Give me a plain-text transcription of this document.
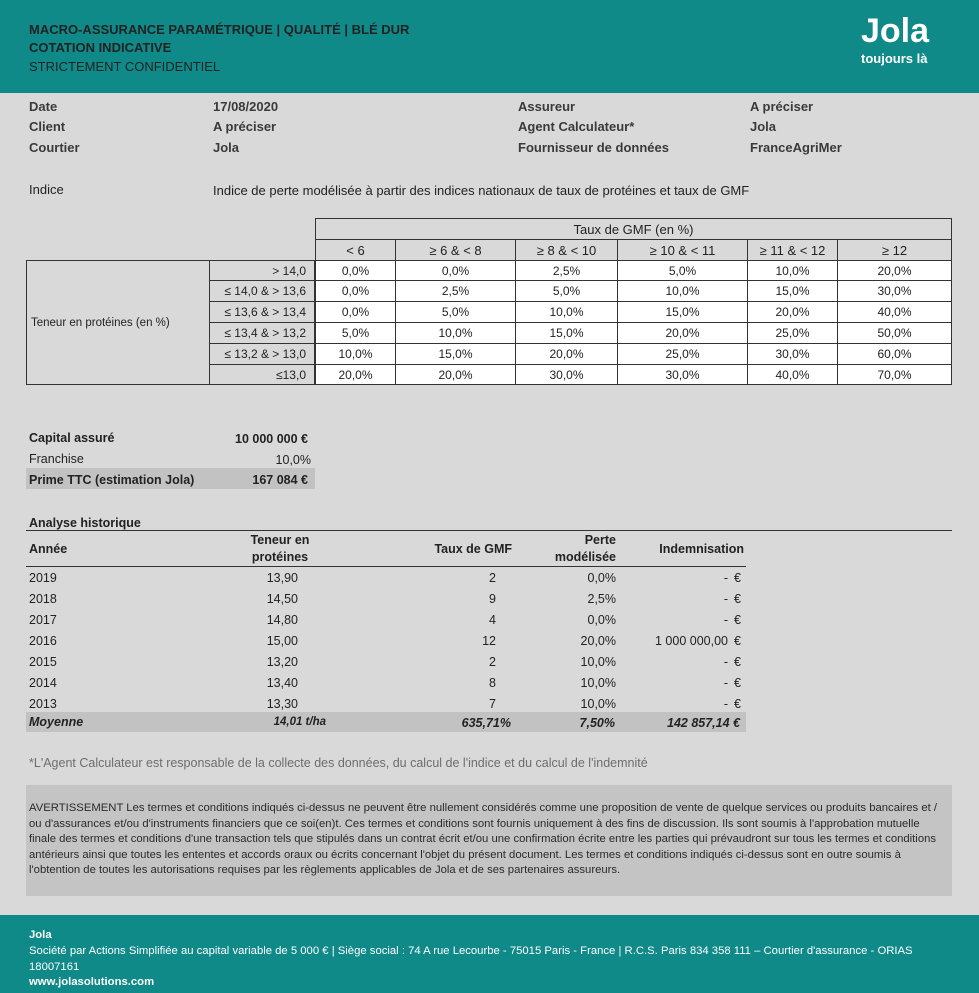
MACRO-ASSURANCE PARAMÉTRIQUE | QUALITÉ | BLÉ DUR
COTATION INDICATIVE
STRICTEMENT CONFIDENTIEL
Jola
toujours là
Date	17/08/2020
Client	A préciser
Courtier	Jola
Assureur	A préciser
Agent Calculateur*	Jola
Fournisseur de données	FranceAgriMer
Indice	Indice de perte modélisée à partir des indices nationaux de taux de protéines et taux de GMF
Taux de GMF (en %)
< 6	≥ 6 & < 8	≥ 8 & < 10	≥ 10 & < 11	≥ 11 & < 12	≥ 12
Teneur en protéines (en %)
> 14,0	0,0%	0,0%	2,5%	5,0%	10,0%	20,0%
≤ 14,0 & > 13,6	0,0%	2,5%	5,0%	10,0%	15,0%	30,0%
≤ 13,6 & > 13,4	0,0%	5,0%	10,0%	15,0%	20,0%	40,0%
≤ 13,4 & > 13,2	5,0%	10,0%	15,0%	20,0%	25,0%	50,0%
≤ 13,2 & > 13,0	10,0%	15,0%	20,0%	25,0%	30,0%	60,0%
≤13,0	20,0%	20,0%	30,0%	30,0%	40,0%	70,0%
Capital assuré	10 000 000 €
Franchise	10,0%
Prime TTC (estimation Jola)	167 084 €
Analyse historique
Année
Teneur en
protéines
Taux de GMF
Perte
modélisée
Indemnisation
2019	13,90	2	0,0%	- €
2018	14,50	9	2,5%	- €
2017	14,80	4	0,0%	- €
2016	15,00	12	20,0%	1 000 000,00 €
2015	13,20	2	10,0%	- €
2014	13,40	8	10,0%	- €
2013	13,30	7	10,0%	- €
Moyenne	14,01 t/ha	635,71%	7,50%	142 857,14 €
*L'Agent Calculateur est responsable de la collecte des données, du calcul de l'indice et du calcul de l'indemnité
AVERTISSEMENT Les termes et conditions indiqués ci-dessus ne peuvent être nullement considérés comme une proposition de vente de quelque services ou produits bancaires et / ou d'assurances et/ou d'instruments financiers que ce soi(en)t. Ces termes et conditions sont fournis uniquement à des fins de discussion. Ils sont soumis à l'approbation mutuelle finale des termes et conditions d'une transaction tels que stipulés dans un contrat écrit et/ou une confirmation écrite entre les parties qui prévaudront sur tous les termes et conditions antérieurs ainsi que toutes les ententes et accords oraux ou écrits concernant l'objet du présent document. Les termes et conditions indiqués ci-dessus sont en outre soumis à l'obtention de toutes les autorisations requises par les règlements applicables de Jola et de ses partenaires assureurs.
Jola
Société par Actions Simplifiée au capital variable de 5 000 € | Siège social : 74 A rue Lecourbe - 75015 Paris - France | R.C.S. Paris 834 358 111 – Courtier d'assurance - ORIAS
18007161
www.jolasolutions.com
